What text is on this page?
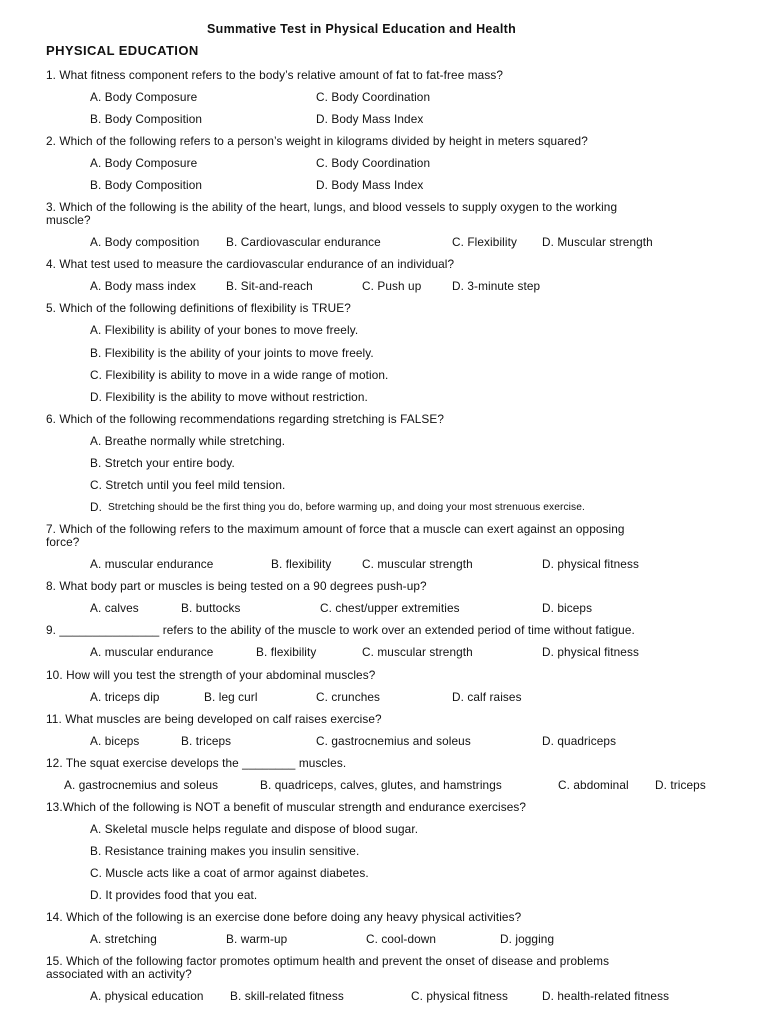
Summative Test in Physical Education and Health
PHYSICAL EDUCATION
1. What fitness component refers to the body’s relative amount of fat to fat-free mass?
A. Body Composure	C. Body Coordination
B. Body Composition	D. Body Mass Index
2. Which of the following refers to a person’s weight in kilograms divided by height in meters squared?
A. Body Composure	C. Body Coordination
B. Body Composition	D. Body Mass Index
3. Which of the following is the ability of the heart, lungs, and blood vessels to supply oxygen to the working
muscle?
A. Body composition B. Cardiovascular endurance	C. Flexibility D. Muscular strength
4. What test used to measure the cardiovascular endurance of an individual?
A. Body mass index	B. Sit-and-reach	C. Push up	D. 3-minute step
5. Which of the following definitions of flexibility is TRUE?
A. Flexibility is ability of your bones to move freely.
B. Flexibility is the ability of your joints to move freely.
C. Flexibility is ability to move in a wide range of motion.
D. Flexibility is the ability to move without restriction.
6. Which of the following recommendations regarding stretching is FALSE?
A. Breathe normally while stretching.
B. Stretch your entire body.
C. Stretch until you feel mild tension.
D. Stretching should be the first thing you do, before warming up, and doing your most strenuous exercise.
7. Which of the following refers to the maximum amount of force that a muscle can exert against an opposing
force?
A. muscular endurance	B. flexibility	C. muscular strength	D. physical fitness
8. What body part or muscles is being tested on a 90 degrees push-up?
A. calves	B. buttocks	C. chest/upper extremities	D. biceps
9. _______________ refers to the ability of the muscle to work over an extended period of time without fatigue.
A. muscular endurance	B. flexibility	C. muscular strength	D. physical fitness
10. How will you test the strength of your abdominal muscles?
A. triceps dip	B. leg curl	C. crunches	D. calf raises
11. What muscles are being developed on calf raises exercise?
A. biceps	B. triceps	C. gastrocnemius and soleus	D. quadriceps
12. The squat exercise develops the ________ muscles.
A. gastrocnemius and soleus	B. quadriceps, calves, glutes, and hamstrings	C. abdominal D. triceps
13.Which of the following is NOT a benefit of muscular strength and endurance exercises?
A. Skeletal muscle helps regulate and dispose of blood sugar.
B. Resistance training makes you insulin sensitive.
C. Muscle acts like a coat of armor against diabetes.
D. It provides food that you eat.
14. Which of the following is an exercise done before doing any heavy physical activities?
A. stretching	B. warm-up	C. cool-down	D. jogging
15. Which of the following factor promotes optimum health and prevent the onset of disease and problems
associated with an activity?
A. physical education B. skill-related fitness	C. physical fitness	D. health-related fitness
